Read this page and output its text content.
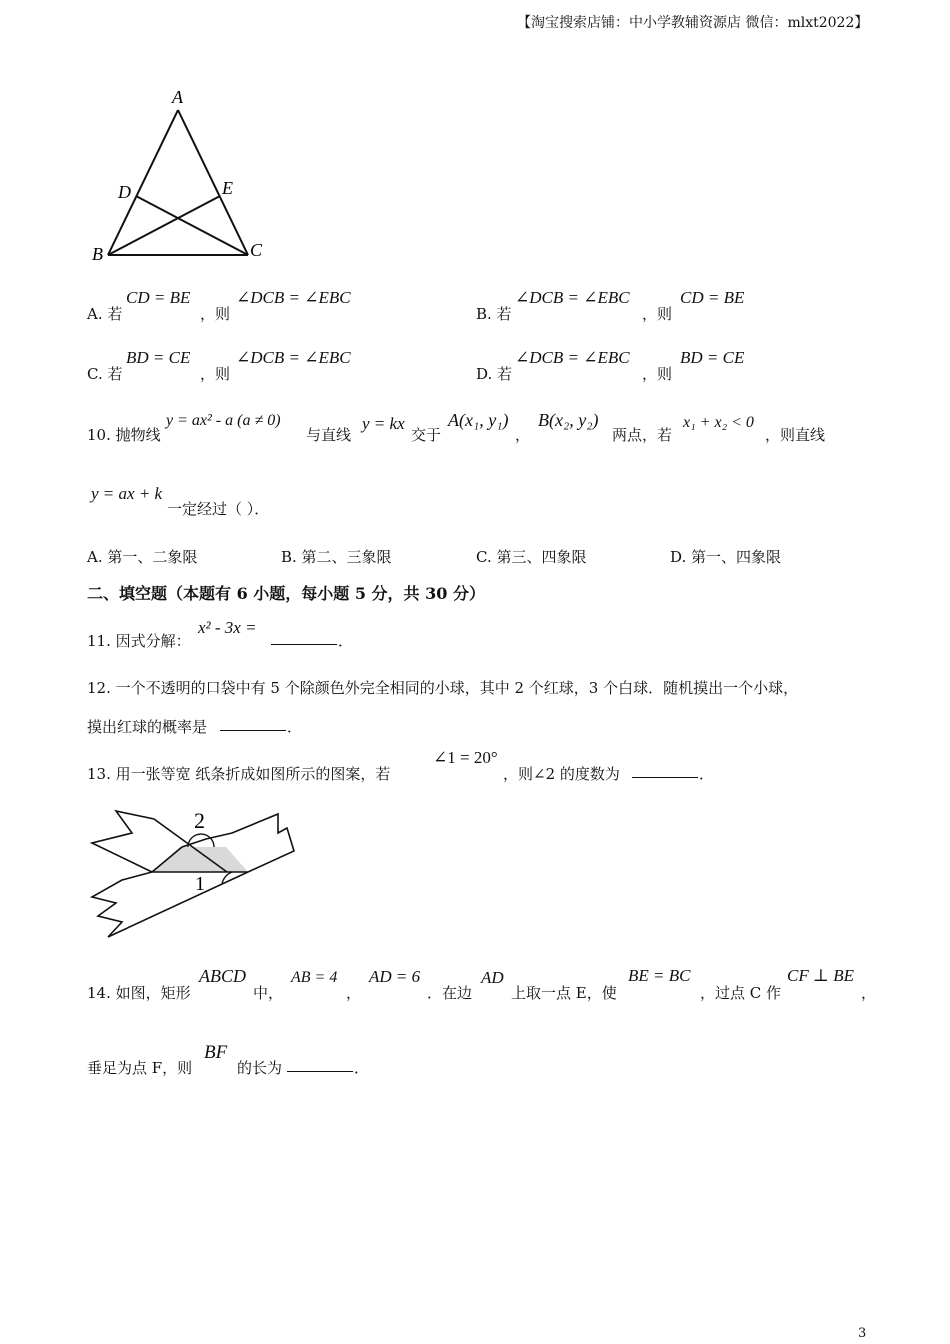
【淘宝搜索店铺：中小学教辅资源店 微信：mlxt2022】
A
D	E
B	C
A. 若
CD = BE
，则
∠DCB = ∠EBC
B. 若
∠DCB = ∠EBC
，则
CD = BE
C. 若
BD = CE
，则
∠DCB = ∠EBC
D. 若
∠DCB = ∠EBC
，则
BD = CE
10. 抛物线
y = ax² - a (a ≠ 0)
与直线
y = kx
交于
A(x₁, y₁)
，
B(x₂, y₂)
两点，若
x₁ + x₂ < 0
，则直线
y = ax + k
一定经过（ ）．
A. 第一、二象限	B. 第二、三象限	C. 第三、四象限	D. 第一、四象限
二、填空题（本题有 6 小题，每小题 5 分，共 30 分）
11. 因式分解：
x² - 3x =
．
12. 一个不透明的口袋中有 5 个除颜色外完全相同的小球，其中 2 个红球，3 个白球．随机摸出一个小球，
摸出红球的概率是	．
13. 用一张等宽 纸条折成如图所示的图案，若
∠1 = 20°
，则∠2 的度数为	．
2
1
14. 如图，矩形
ABCD
中，
AB = 4
，
AD = 6
．在边
AD
上取一点 E，使
BE = BC
，过点 C 作
CF ⊥ BE
，
垂足为点 F，则
BF
的长为	．
3
